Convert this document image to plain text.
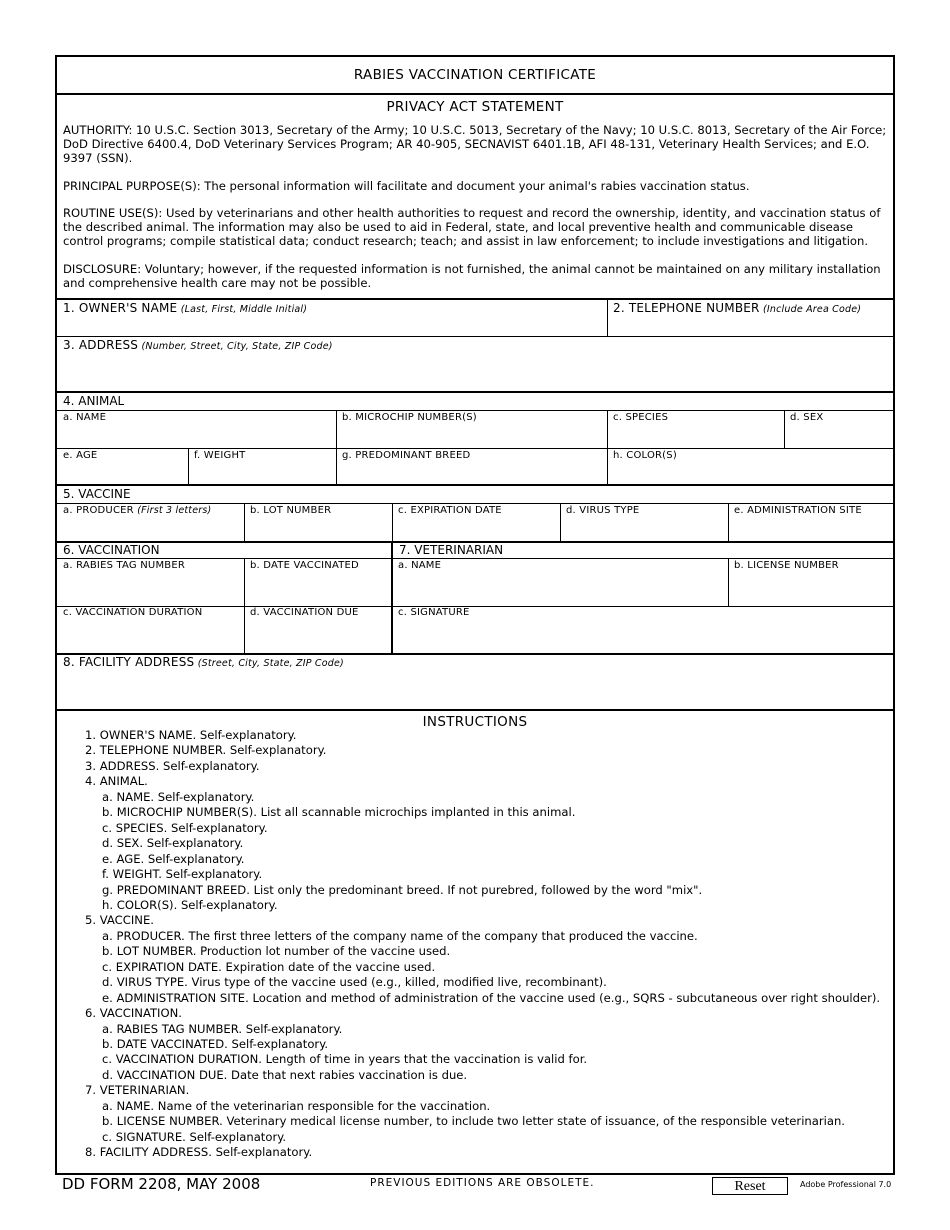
RABIES VACCINATION CERTIFICATE
PRIVACY ACT STATEMENT
AUTHORITY: 10 U.S.C. Section 3013, Secretary of the Army; 10 U.S.C. 5013, Secretary of the Navy; 10 U.S.C. 8013, Secretary of the Air Force; DoD Directive 6400.4, DoD Veterinary Services Program; AR 40-905, SECNAVIST 6401.1B, AFI 48-131, Veterinary Health Services; and E.O. 9397 (SSN).
PRINCIPAL PURPOSE(S): The personal information will facilitate and document your animal's rabies vaccination status.
ROUTINE USE(S): Used by veterinarians and other health authorities to request and record the ownership, identity, and vaccination status of the described animal. The information may also be used to aid in Federal, state, and local preventive health and communicable disease control programs; compile statistical data; conduct research; teach; and assist in law enforcement; to include investigations and litigation.
DISCLOSURE: Voluntary; however, if the requested information is not furnished, the animal cannot be maintained on any military installation and comprehensive health care may not be possible.
1. OWNER'S NAME (Last, First, Middle Initial)	2. TELEPHONE NUMBER (Include Area Code)
3. ADDRESS (Number, Street, City, State, ZIP Code)
4. ANIMAL
a. NAME	b. MICROCHIP NUMBER(S)	c. SPECIES	d. SEX
e. AGE	f. WEIGHT	g. PREDOMINANT BREED	h. COLOR(S)
5. VACCINE
a. PRODUCER (First 3 letters)	b. LOT NUMBER	c. EXPIRATION DATE	d. VIRUS TYPE	e. ADMINISTRATION SITE
6. VACCINATION	7. VETERINARIAN
a. RABIES TAG NUMBER	b. DATE VACCINATED	a. NAME	b. LICENSE NUMBER
c. VACCINATION DURATION	d. VACCINATION DUE	c. SIGNATURE
8. FACILITY ADDRESS (Street, City, State, ZIP Code)
INSTRUCTIONS
1. OWNER'S NAME. Self-explanatory.
2. TELEPHONE NUMBER. Self-explanatory.
3. ADDRESS. Self-explanatory.
4. ANIMAL.
a. NAME. Self-explanatory.
b. MICROCHIP NUMBER(S). List all scannable microchips implanted in this animal.
c. SPECIES. Self-explanatory.
d. SEX. Self-explanatory.
e. AGE. Self-explanatory.
f. WEIGHT. Self-explanatory.
g. PREDOMINANT BREED. List only the predominant breed. If not purebred, followed by the word "mix".
h. COLOR(S). Self-explanatory.
5. VACCINE.
a. PRODUCER. The first three letters of the company name of the company that produced the vaccine.
b. LOT NUMBER. Production lot number of the vaccine used.
c. EXPIRATION DATE. Expiration date of the vaccine used.
d. VIRUS TYPE. Virus type of the vaccine used (e.g., killed, modified live, recombinant).
e. ADMINISTRATION SITE. Location and method of administration of the vaccine used (e.g., SQRS - subcutaneous over right shoulder).
6. VACCINATION.
a. RABIES TAG NUMBER. Self-explanatory.
b. DATE VACCINATED. Self-explanatory.
c. VACCINATION DURATION. Length of time in years that the vaccination is valid for.
d. VACCINATION DUE. Date that next rabies vaccination is due.
7. VETERINARIAN.
a. NAME. Name of the veterinarian responsible for the vaccination.
b. LICENSE NUMBER. Veterinary medical license number, to include two letter state of issuance, of the responsible veterinarian.
c. SIGNATURE. Self-explanatory.
8. FACILITY ADDRESS. Self-explanatory.
DD FORM 2208, MAY 2008	PREVIOUS EDITIONS ARE OBSOLETE.	Reset	Adobe Professional 7.0
